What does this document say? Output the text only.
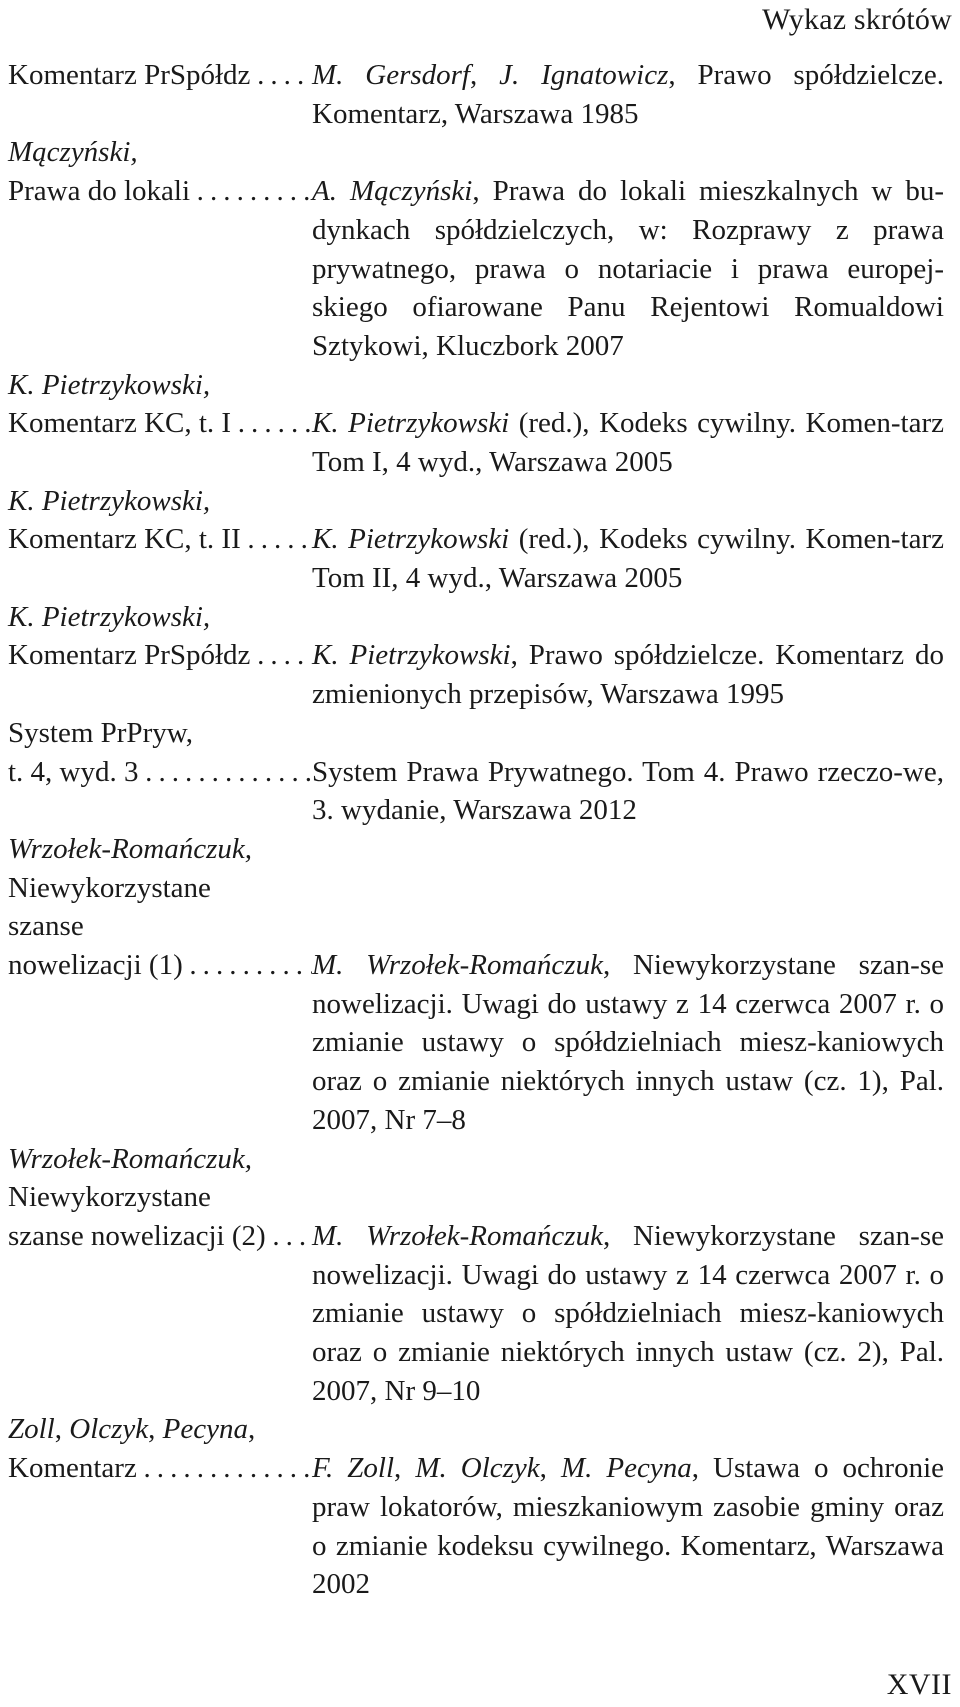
Wykaz skrótów
Komentarz PrSpółdz . . .	M. Gersdorf, J. Ignatowicz, Prawo spółdzielcze. Komentarz, Warszawa 1985
Mączyński,
Prawa do lokali . . .	A. Mączyński, Prawa do lokali mieszkalnych w bu-dynkach spółdzielczych, w: Rozprawy z prawa prywatnego, prawa o notariacie i prawa europej-skiego ofiarowane Panu Rejentowi Romualdowi Sztykowi, Kluczbork 2007
K. Pietrzykowski,
Komentarz KC, t. I . . .	K. Pietrzykowski (red.), Kodeks cywilny. Komen-tarz Tom I, 4 wyd., Warszawa 2005
K. Pietrzykowski,
Komentarz KC, t. II . . .	K. Pietrzykowski (red.), Kodeks cywilny. Komen-tarz Tom II, 4 wyd., Warszawa 2005
K. Pietrzykowski,
Komentarz PrSpółdz . . .	K. Pietrzykowski, Prawo spółdzielcze. Komentarz do zmienionych przepisów, Warszawa 1995
System PrPryw,
t. 4, wyd. 3 . . .	System Prawa Prywatnego. Tom 4. Prawo rzeczo-we, 3. wydanie, Warszawa 2012
Wrzołek-Romańczuk,
Niewykorzystane
szanse
nowelizacji (1) . . .	M. Wrzołek-Romańczuk, Niewykorzystane szan-se nowelizacji. Uwagi do ustawy z 14 czerwca 2007 r. o zmianie ustawy o spółdzielniach miesz-kaniowych oraz o zmianie niektórych innych ustaw (cz. 1), Pal. 2007, Nr 7–8
Wrzołek-Romańczuk,
Niewykorzystane
szanse nowelizacji (2) . . .	M. Wrzołek-Romańczuk, Niewykorzystane szan-se nowelizacji. Uwagi do ustawy z 14 czerwca 2007 r. o zmianie ustawy o spółdzielniach miesz-kaniowych oraz o zmianie niektórych innych ustaw (cz. 2), Pal. 2007, Nr 9–10
Zoll, Olczyk, Pecyna,
Komentarz . . .	F. Zoll, M. Olczyk, M. Pecyna, Ustawa o ochronie praw lokatorów, mieszkaniowym zasobie gminy oraz o zmianie kodeksu cywilnego. Komentarz, Warszawa 2002
XVII
